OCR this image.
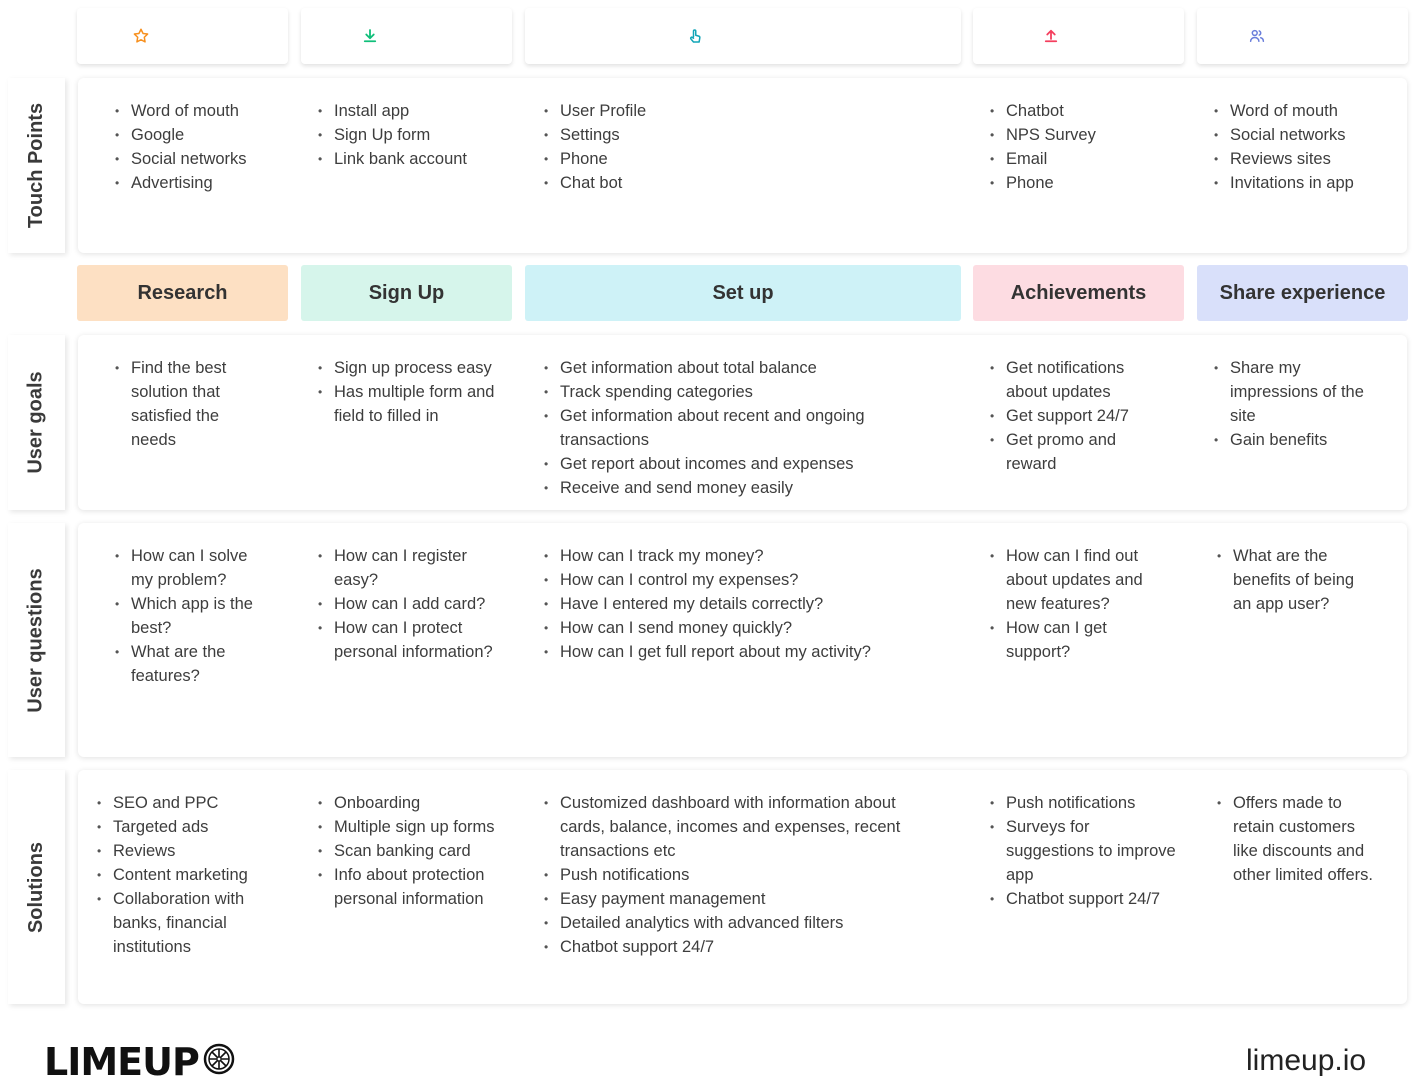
Entice	Enter	Engage	Exit	Entend
Touch Points
•	Word of mouth
• Google
• Social networks
• Advertising
• Install app
• Sign Up form
• Link bank account
• User Profile
• Settings
• Phone
• Chat bot
• Chatbot
• NPS Survey
• Email
• Phone
• Word of mouth
• Social networks
• Reviews sites
• Invitations in app
Research	Sign Up	Set up	Achievements	Share experience
User goals
• Find the best solution that satisfied the needs
• Sign up process easy
• Has multiple form and field to filled in
• Get information about total balance
• Track spending categories
• Get information about recent and ongoing transactions
• Get report about incomes and expenses
• Receive and send money easily
• Get notifications about updates
• Get support 24/7
• Get promo and reward
• Share my impressions of the site
• Gain benefits
User questions
• How can I solve my problem?
• Which app is the best?
• What are the features?
• How can I register easy?
• How can I add card?
• How can I protect personal information?
• How can I track my money?
• How can I control my expenses?
• Have I entered my details correctly?
• How can I send money quickly?
• How can I get full report about my activity?
• How can I find out about updates and new features?
• How can I get support?
• What are the benefits of being an app user?
Solutions
• SEO and PPC
• Targeted ads
• Reviews
• Content marketing
• Collaboration with banks, financial institutions
• Onboarding
• Multiple sign up forms
• Scan banking card
• Info about protection personal information
• Customized dashboard with information about cards, balance, incomes and expenses, recent transactions etc
• Push notifications
• Easy payment management
• Detailed analytics with advanced filters
• Chatbot support 24/7
• Push notifications
• Surveys for suggestions to improve app
• Chatbot support 24/7
• Offers made to retain customers like discounts and other limited offers.
LIMEUP	limeup.io
